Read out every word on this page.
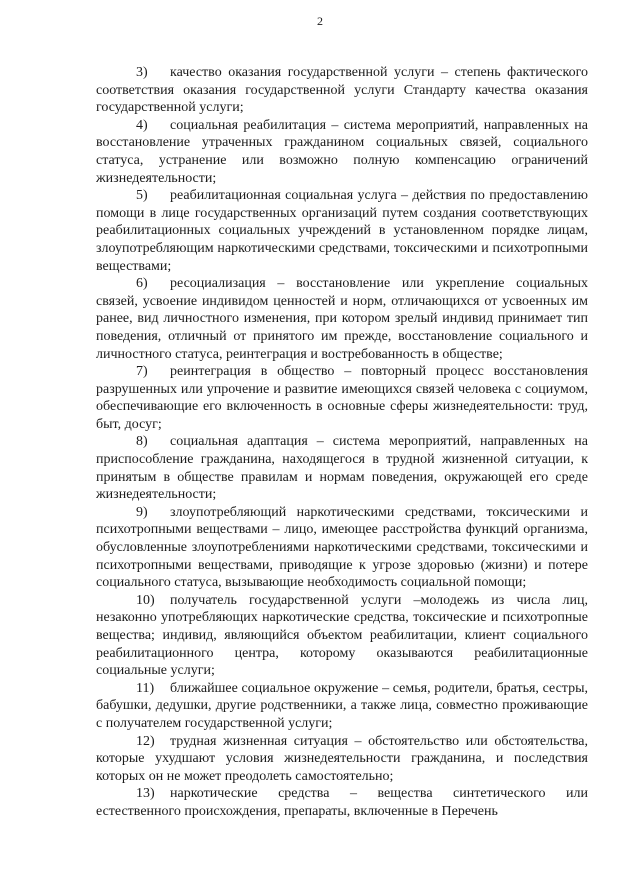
2

3) качество оказания государственной услуги – степень фактического соответствия оказания государственной услуги Стандарту качества оказания государственной услуги;

4) социальная реабилитация – система мероприятий, направленных на восстановление утраченных гражданином социальных связей, социального статуса, устранение или возможно полную компенсацию ограничений жизнедеятельности;

5) реабилитационная социальная услуга – действия по предоставлению помощи в лице государственных организаций путем создания соответствующих реабилитационных социальных учреждений в установленном порядке лицам, злоупотребляющим наркотическими средствами, токсическими и психотропными веществами;

6) ресоциализация – восстановление или укрепление социальных связей, усвоение индивидом ценностей и норм, отличающихся от усвоенных им ранее, вид личностного изменения, при котором зрелый индивид принимает тип поведения, отличный от принятого им прежде, восстановление социального и личностного статуса, реинтеграция и востребованность в обществе;

7) реинтеграция в общество – повторный процесс восстановления разрушенных или упрочение и развитие имеющихся связей человека с социумом, обеспечивающие его включенность в основные сферы жизнедеятельности: труд, быт, досуг;

8) социальная адаптация – система мероприятий, направленных на приспособление гражданина, находящегося в трудной жизненной ситуации, к принятым в обществе правилам и нормам поведения, окружающей его среде жизнедеятельности;

9) злоупотребляющий наркотическими средствами, токсическими и психотропными веществами – лицо, имеющее расстройства функций организма, обусловленные злоупотреблениями наркотическими средствами, токсическими и психотропными веществами, приводящие к угрозе здоровью (жизни) и потере социального статуса, вызывающие необходимость социальной помощи;

10) получатель государственной услуги –молодежь из числа лиц, незаконно употребляющих наркотические средства, токсические и психотропные вещества; индивид, являющийся объектом реабилитации, клиент социального реабилитационного центра, которому оказываются реабилитационные социальные услуги;

11) ближайшее социальное окружение – семья, родители, братья, сестры, бабушки, дедушки, другие родственники, а также лица, совместно проживающие с получателем государственной услуги;

12) трудная жизненная ситуация – обстоятельство или обстоятельства, которые ухудшают условия жизнедеятельности гражданина, и последствия которых он не может преодолеть самостоятельно;

13) наркотические средства – вещества синтетического или естественного происхождения, препараты, включенные в Перечень
